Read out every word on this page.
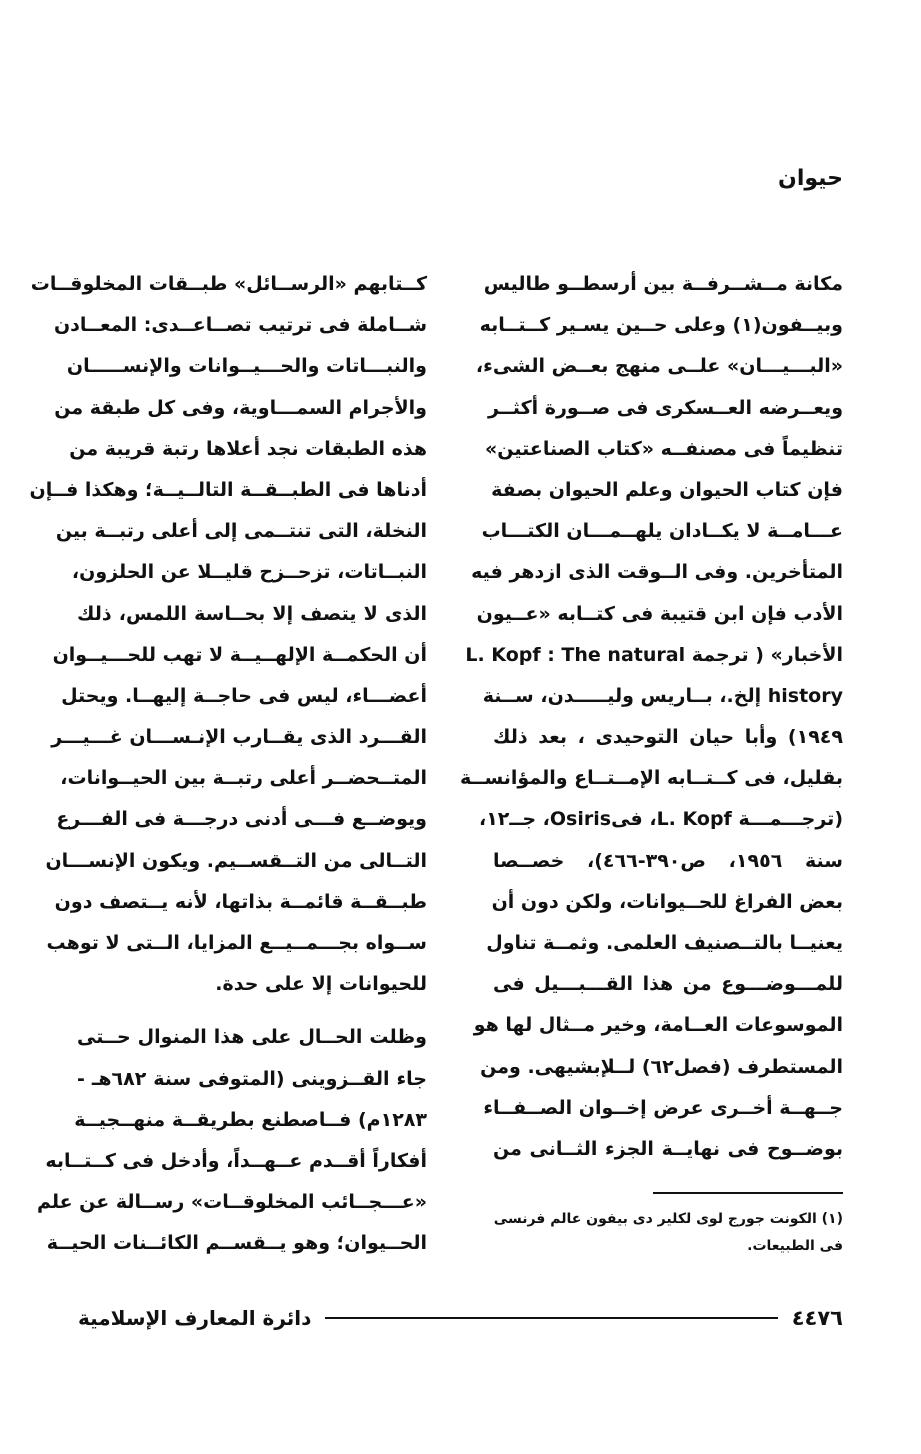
حيوان
مكانة مــشــرفــة بين أرسطــو طاليس
وبيــفون(١) وعلى حــين يسـير كــتــابه
«البـــيـــان» علــى منهج بعــض الشىء،
ويعــرضه العــسكرى فى صــورة أكثــر
تنظيماً فى مصنفــه «كتاب الصناعتين»
فإن كتاب الحيوان وعلم الحيوان بصفة
عـــامــة لا يكــادان يلهــمـــان الكتـــاب
المتأخرين. وفى الــوقت الذى ازدهر فيه
الأدب فإن ابن قتيبة فى كتــابه «عــيون
الأخبار» ( ترجمة L. Kopf : The natural
history إلخ.، بــاريس وليـــــدن، ســنة
١٩٤٩) وأبا حيان التوحيدى ، بعد ذلك
بقليل، فى كــتــابه الإمــتــاع والمؤانســة
(ترجـــمـــة L. Kopf، فىOsiris، جــ١٢،
سنة ١٩٥٦، ص٣٩٠-٤٦٦)، خصــصا
بعض الفراغ للحــيوانات، ولكن دون أن
يعنيــا بالتــصنيف العلمى. وثمــة تناول
للمـــوضـــوع من هذا القـــبـــيل فى
الموسوعات العــامة، وخير مــثال لها هو
المستطرف (فصل٦٢) لــلإبشيهى. ومن
جــهــة أخــرى عرض إخــوان الصــفــاء
بوضــوح فى نهايــة الجزء الثــانى من
كــتابهم «الرســائل» طبــقات المخلوقــات
شــاملة فى ترتيب تصــاعــدى: المعــادن
والنبـــاتات والحـــيــوانات والإنســـــان
والأجرام السمـــاوية، وفى كل طبقة من
هذه الطبقات نجد أعلاها رتبة قريبة من
أدناها فى الطبــقــة التالــيــة؛ وهكذا فــإن
النخلة، التى تنتــمى إلى أعلى رتبــة بين
النبــاتات، تزحــزح قليــلا عن الحلزون،
الذى لا يتصف إلا بحــاسة اللمس، ذلك
أن الحكمــة الإلهــيــة لا تهب للحـــيــوان
أعضـــاء، ليس فى حاجــة إليهــا. ويحتل
القـــرد الذى يقــارب الإنـســـان غـــيـــر
المتــحضــر أعلى رتبــة بين الحيــوانات،
ويوضــع فـــى أدنى درجـــة فى الفـــرع
التــالى من التــقســيم. ويكون الإنســـان
طبــقــة قائمــة بذاتها، لأنه يــتصف دون
ســواه بجـــمــيــع المزايا، الــتى لا توهب
للحيوانات إلا على حدة.
وظلت الحــال على هذا المنوال حــتى
جاء القــزوينى (المتوفى سنة ٦٨٢هـ -
١٢٨٣م) فــاصطنع بطريقــة منهــجيــة
أفكاراً أقــدم عــهــداً، وأدخل فى كــتــابه
«عـــجــائب المخلوقــات» رســالة عن علم
الحــيوان؛ وهو يــقســم الكائــنات الحيــة
(١) الكونت جورج لوى لكلير دى بيفون عالم فرنسى
فى الطبيعات.
٤٤٧٦
دائرة المعارف الإسلامية
